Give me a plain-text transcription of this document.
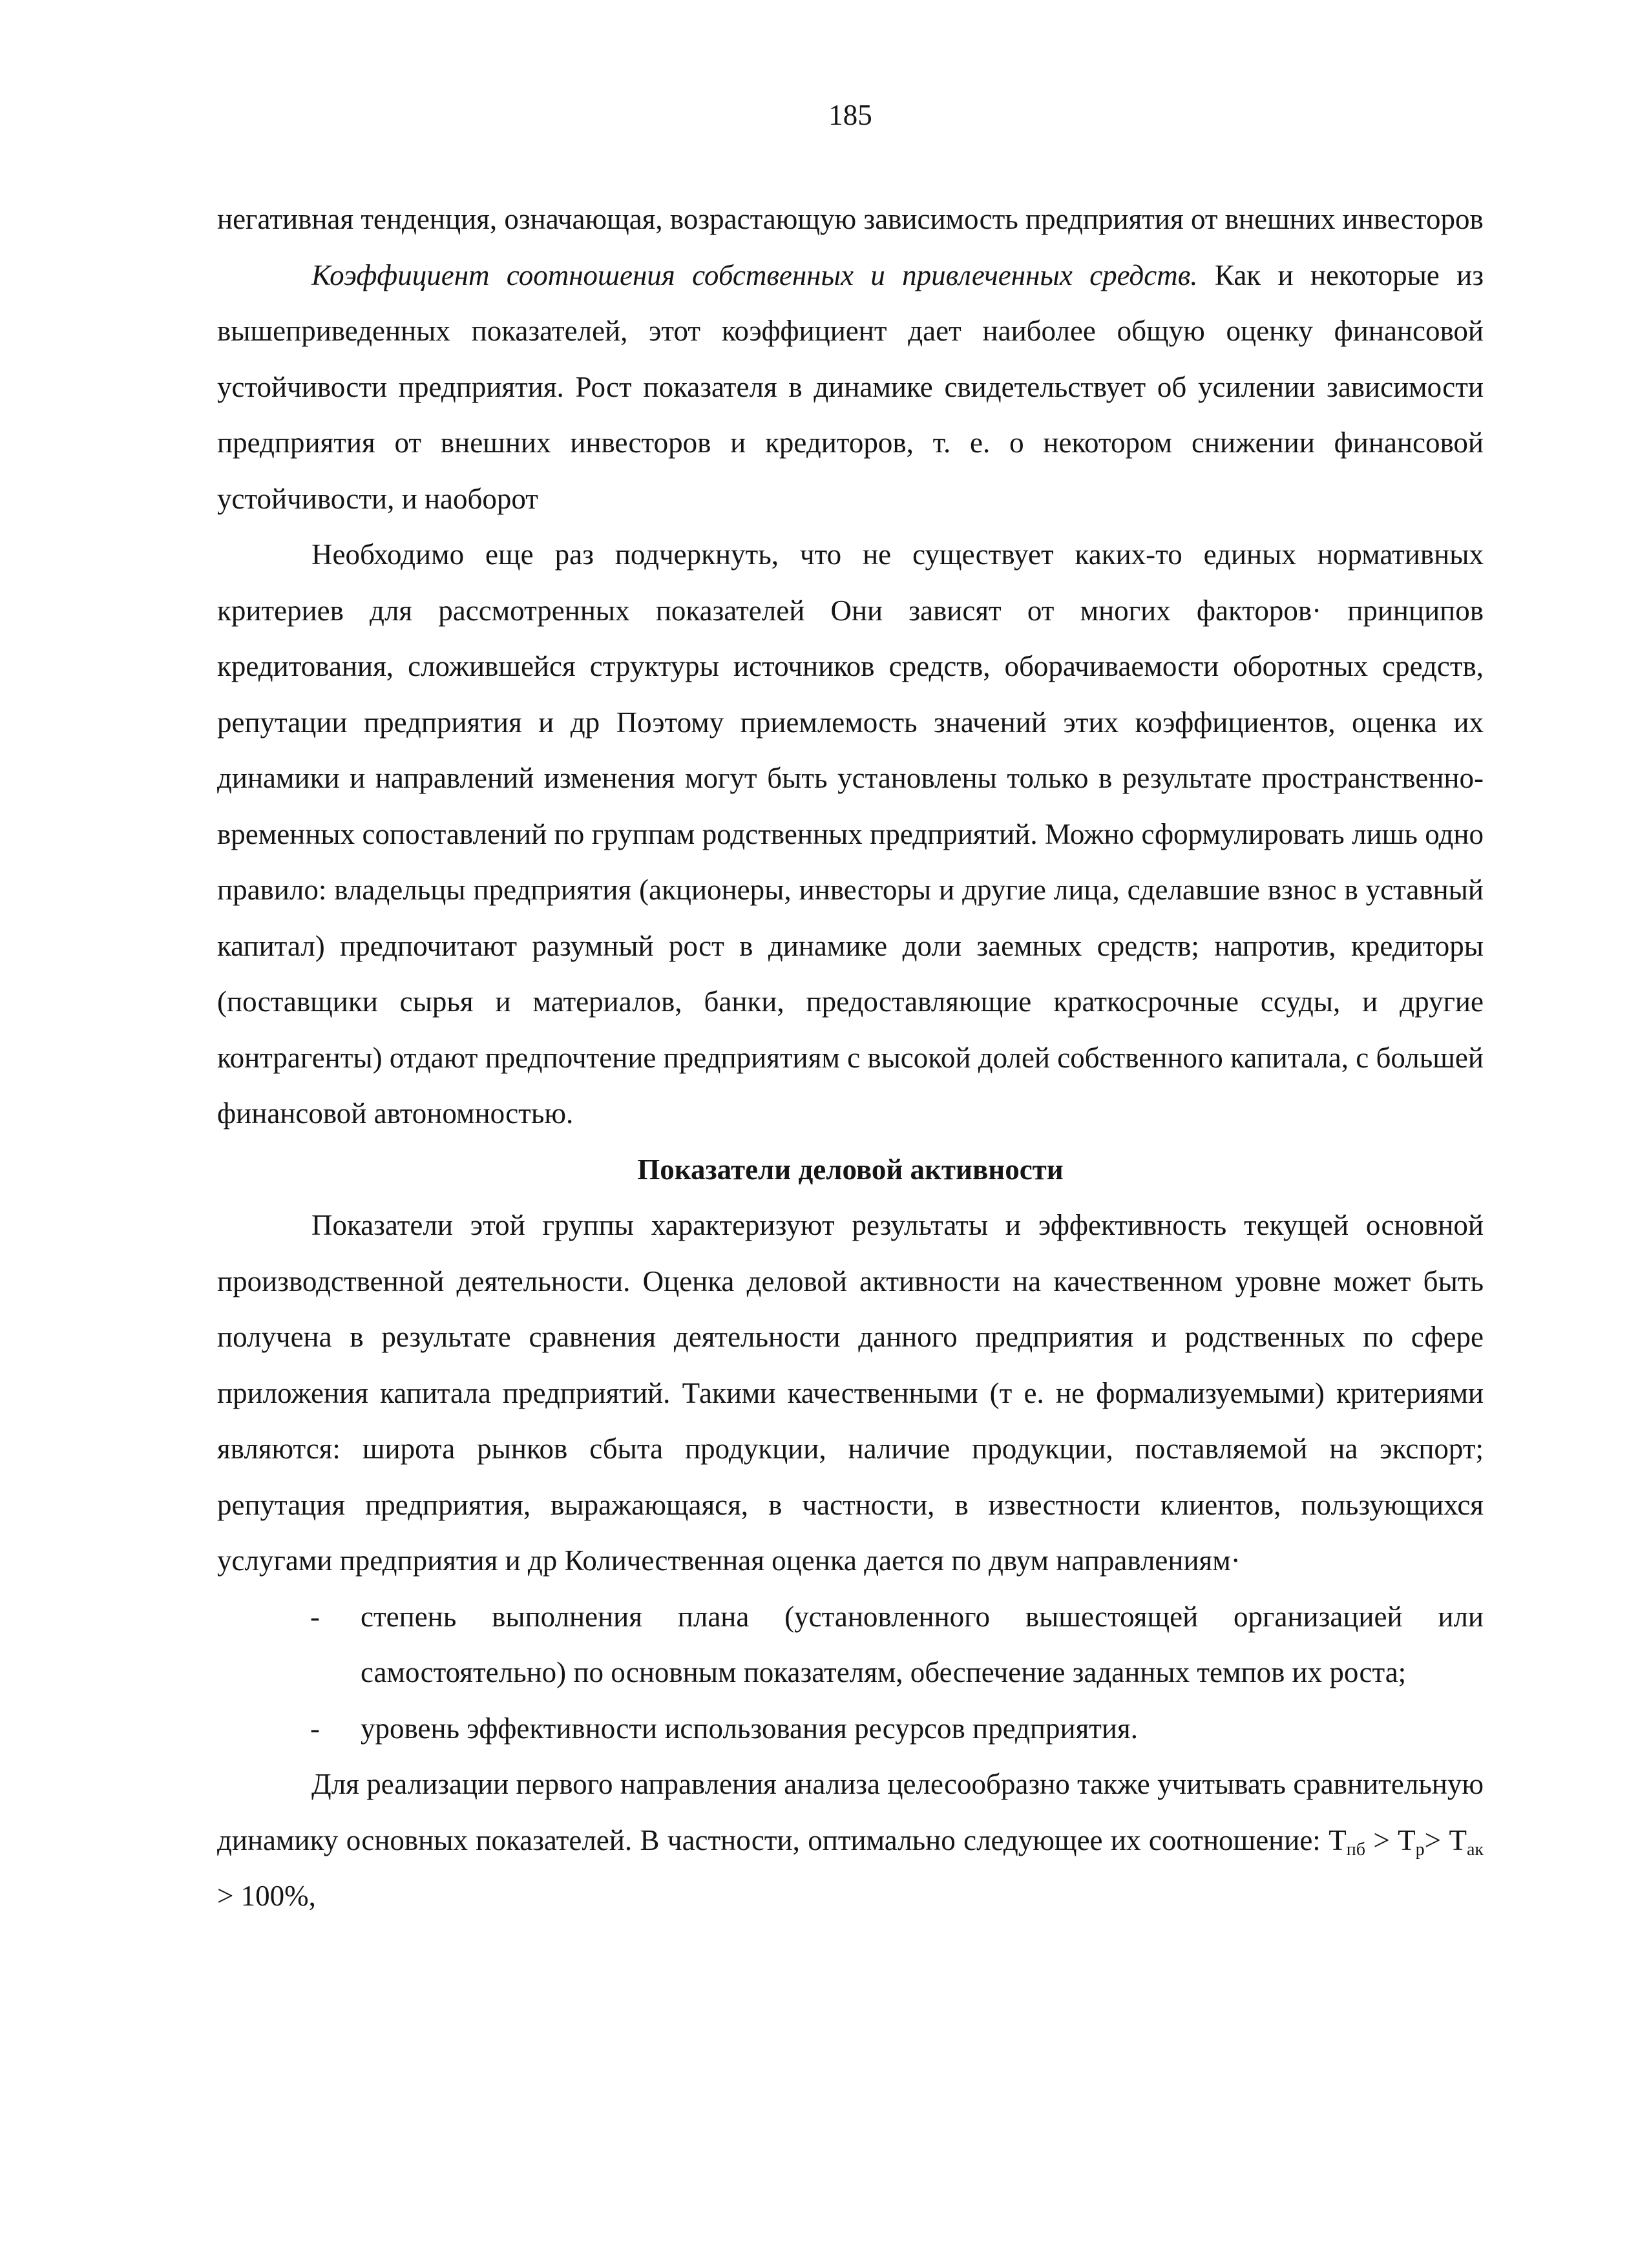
185

негативная тенденция, означающая, возрастающую зависимость предприятия от внешних инвесторов

Коэффициент соотношения собственных и привлеченных средств. Как и некоторые из вышеприведенных показателей, этот коэффициент дает наиболее общую оценку финансовой устойчивости предприятия. Рост показателя в динамике свидетельствует об усилении зависимости предприятия от внешних инвесторов и кредиторов, т. е. о некотором снижении финансовой устойчивости, и наоборот

Необходимо еще раз подчеркнуть, что не существует каких-то единых нормативных критериев для рассмотренных показателей Они зависят от многих факторов· принципов кредитования, сложившейся структуры источников средств, оборачиваемости оборотных средств, репутации предприятия и др Поэтому приемлемость значений этих коэффициентов, оценка их динамики и направлений изменения могут быть установлены только в результате пространственно-временных сопоставлений по группам родственных предприятий. Можно сформулировать лишь одно правило: владельцы предприятия (акционеры, инвесторы и другие лица, сделавшие взнос в уставный капитал) предпочитают разумный рост в динамике доли заемных средств; напротив, кредиторы (поставщики сырья и материалов, банки, предоставляющие краткосрочные ссуды, и другие контрагенты) отдают предпочтение предприятиям с высокой долей собственного капитала, с большей финансовой автономностью.

Показатели деловой активности

Показатели этой группы характеризуют результаты и эффективность текущей основной производственной деятельности. Оценка деловой активности на качественном уровне может быть получена в результате сравнения деятельности данного предприятия и родственных по сфере приложения капитала предприятий. Такими качественными (т е. не формализуемыми) критериями являются: широта рынков сбыта продукции, наличие продукции, поставляемой на экспорт; репутация предприятия, выражающаяся, в частности, в известности клиентов, пользующихся услугами предприятия и др Количественная оценка дается по двум направлениям·

- степень выполнения плана (установленного вышестоящей организацией или самостоятельно) по основным показателям, обеспечение заданных темпов их роста;
- уровень эффективности использования ресурсов предприятия.

Для реализации первого направления анализа целесообразно также учитывать сравнительную динамику основных показателей. В частности, оптимально следующее их соотношение: $T_{пб} > T_р> T_{ак} > 100\%$,
